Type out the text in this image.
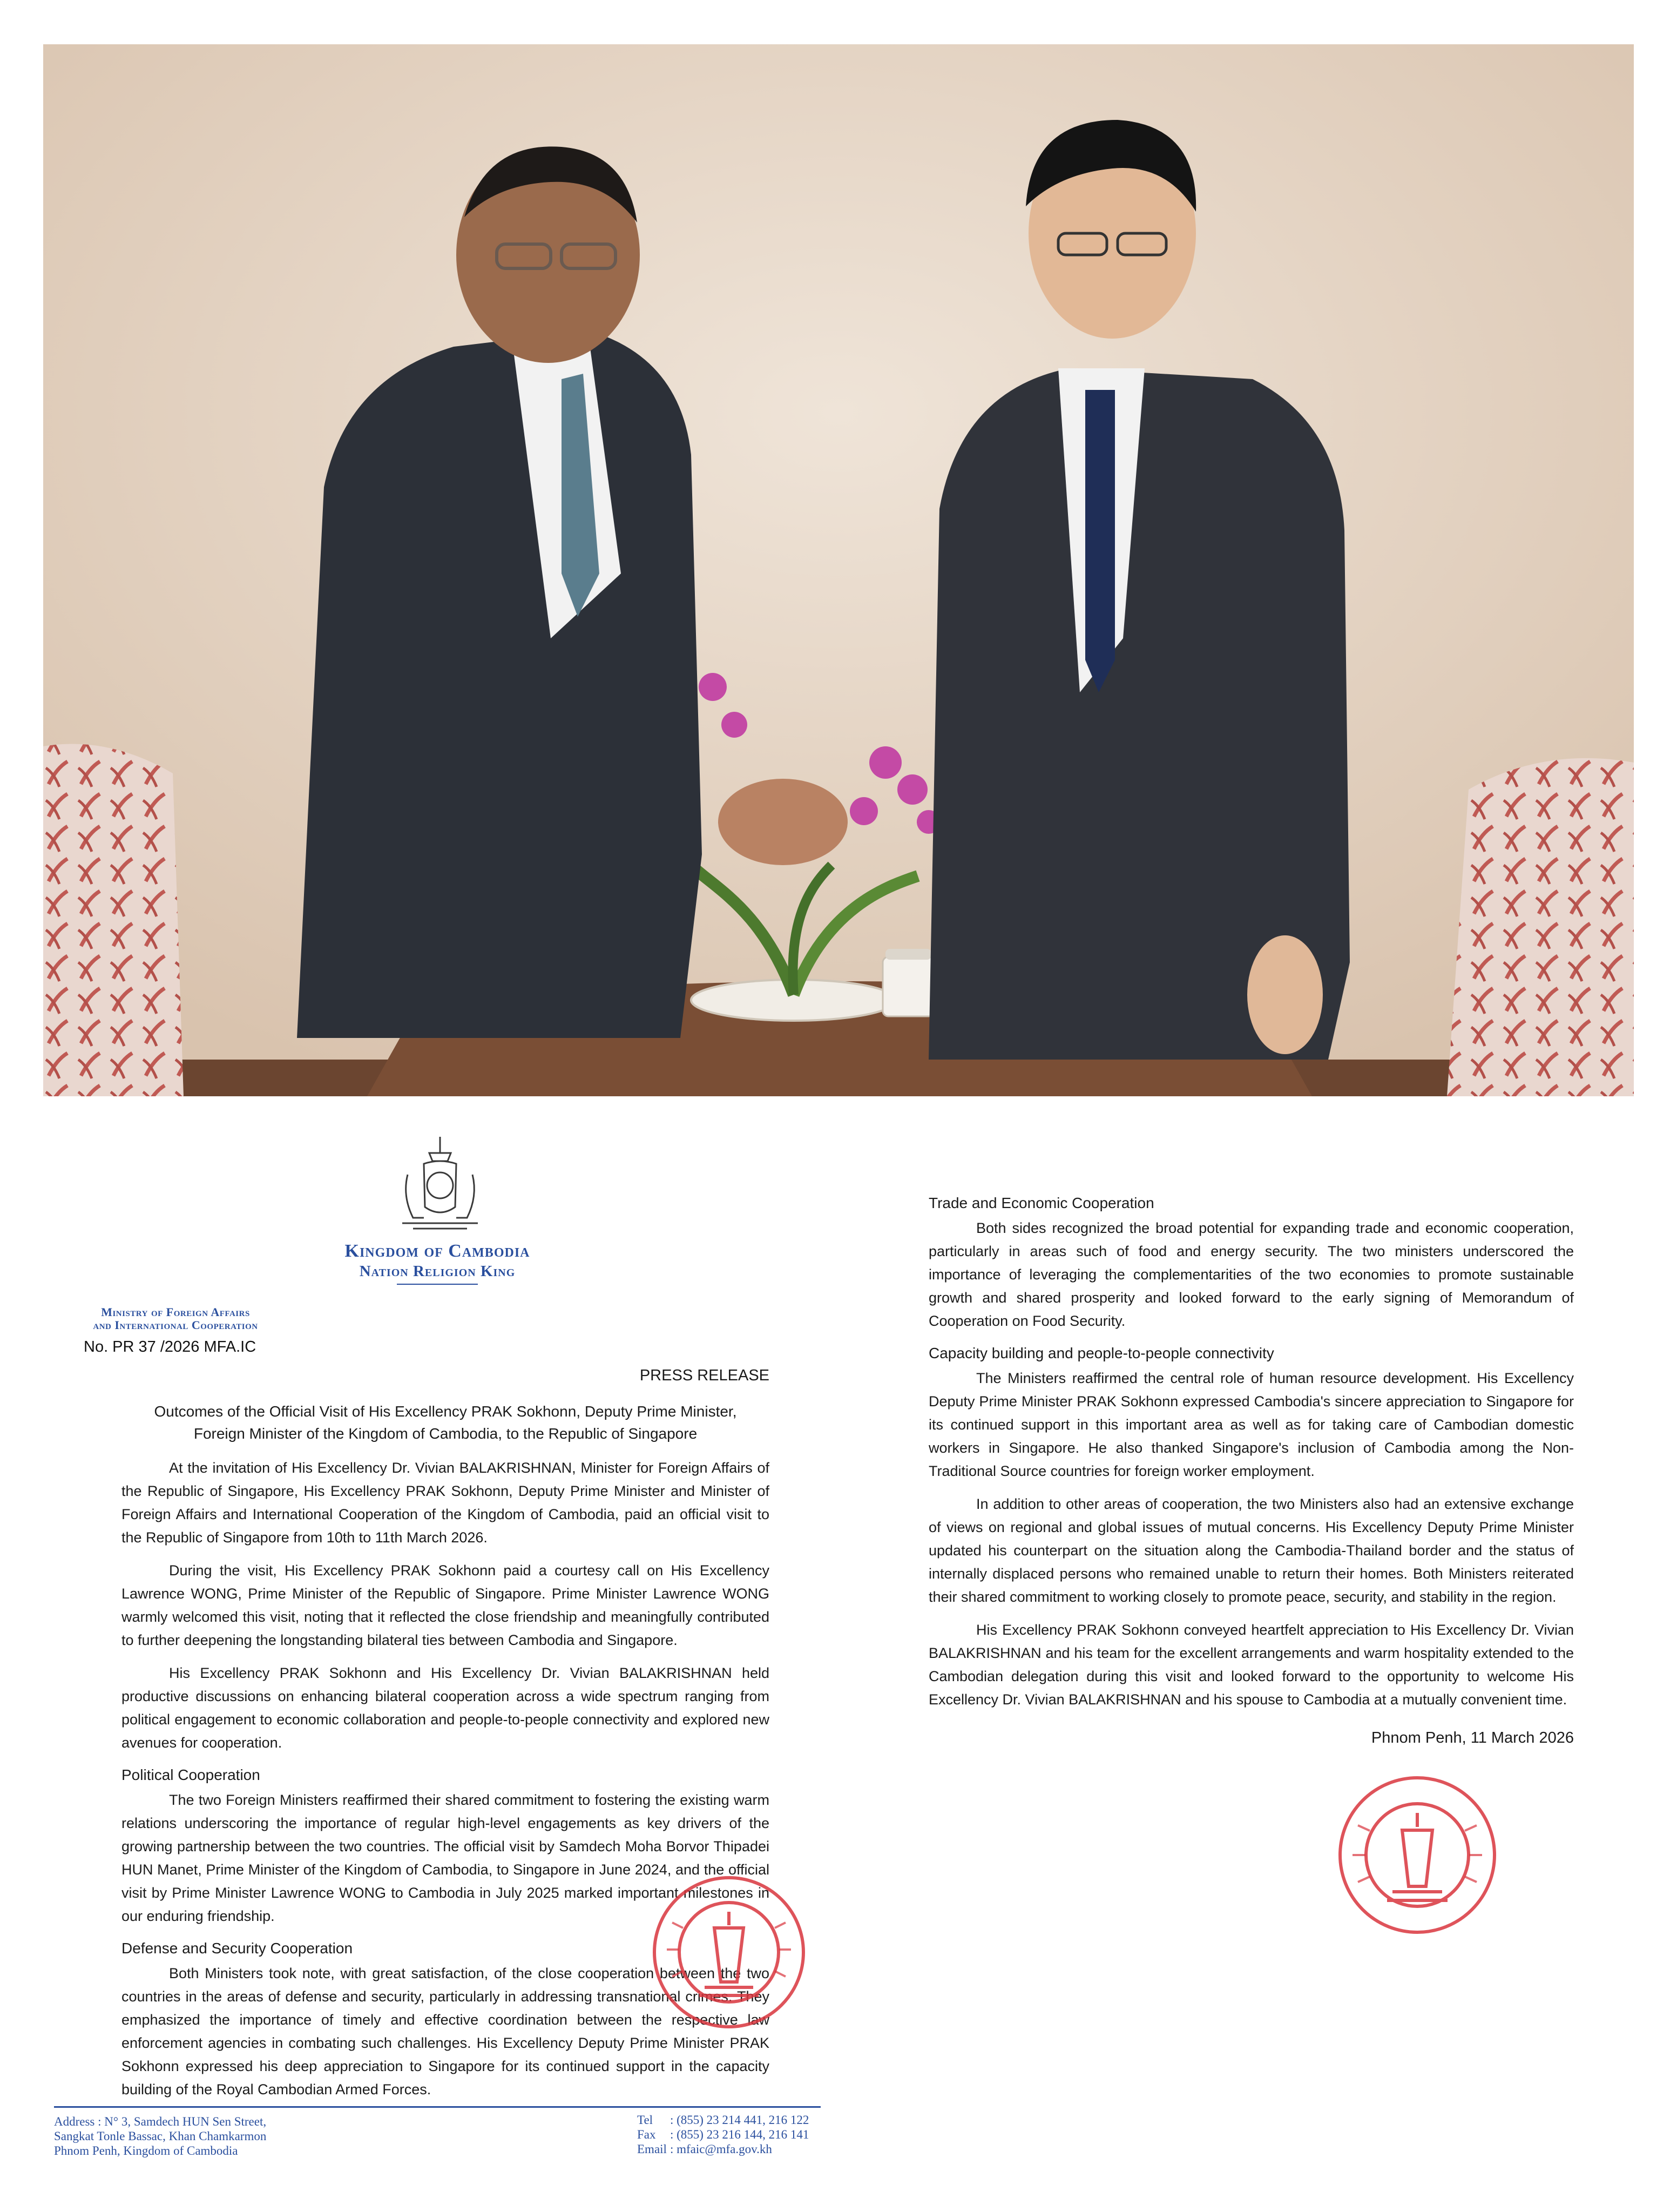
Kingdom of Cambodia
Nation Religion King
Ministry of Foreign Affairs
and International Cooperation
No. PR 37 /2026 MFA.IC
PRESS RELEASE
Outcomes of the Official Visit of His Excellency PRAK Sokhonn, Deputy Prime Minister,
Foreign Minister of the Kingdom of Cambodia, to the Republic of Singapore

At the invitation of His Excellency Dr. Vivian BALAKRISHNAN, Minister for Foreign Affairs of the Republic of Singapore, His Excellency PRAK Sokhonn, Deputy Prime Minister and Minister of Foreign Affairs and International Cooperation of the Kingdom of Cambodia, paid an official visit to the Republic of Singapore from 10th to 11th March 2026.

During the visit, His Excellency PRAK Sokhonn paid a courtesy call on His Excellency Lawrence WONG, Prime Minister of the Republic of Singapore. Prime Minister Lawrence WONG warmly welcomed this visit, noting that it reflected the close friendship and meaningfully contributed to further deepening the longstanding bilateral ties between Cambodia and Singapore.

His Excellency PRAK Sokhonn and His Excellency Dr. Vivian BALAKRISHNAN held productive discussions on enhancing bilateral cooperation across a wide spectrum ranging from political engagement to economic collaboration and people-to-people connectivity and explored new avenues for cooperation.

Political Cooperation

The two Foreign Ministers reaffirmed their shared commitment to fostering the existing warm relations underscoring the importance of regular high-level engagements as key drivers of the growing partnership between the two countries. The official visit by Samdech Moha Borvor Thipadei HUN Manet, Prime Minister of the Kingdom of Cambodia, to Singapore in June 2024, and the official visit by Prime Minister Lawrence WONG to Cambodia in July 2025 marked important milestones in our enduring friendship.

Defense and Security Cooperation

Both Ministers took note, with great satisfaction, of the close cooperation between the two countries in the areas of defense and security, particularly in addressing transnational crimes. They emphasized the importance of timely and effective coordination between the respective law enforcement agencies in combating such challenges. His Excellency Deputy Prime Minister PRAK Sokhonn expressed his deep appreciation to Singapore for its continued support in the capacity building of the Royal Cambodian Armed Forces.

Trade and Economic Cooperation

Both sides recognized the broad potential for expanding trade and economic cooperation, particularly in areas such of food and energy security. The two ministers underscored the importance of leveraging the complementarities of the two economies to promote sustainable growth and shared prosperity and looked forward to the early signing of Memorandum of Cooperation on Food Security.

Capacity building and people-to-people connectivity

The Ministers reaffirmed the central role of human resource development. His Excellency Deputy Prime Minister PRAK Sokhonn expressed Cambodia's sincere appreciation to Singapore for its continued support in this important area as well as for taking care of Cambodian domestic workers in Singapore. He also thanked Singapore's inclusion of Cambodia among the Non-Traditional Source countries for foreign worker employment.

In addition to other areas of cooperation, the two Ministers also had an extensive exchange of views on regional and global issues of mutual concerns. His Excellency Deputy Prime Minister updated his counterpart on the situation along the Cambodia-Thailand border and the status of internally displaced persons who remained unable to return their homes. Both Ministers reiterated their shared commitment to working closely to promote peace, security, and stability in the region.

His Excellency PRAK Sokhonn conveyed heartfelt appreciation to His Excellency Dr. Vivian BALAKRISHNAN and his team for the excellent arrangements and warm hospitality extended to the Cambodian delegation during this visit and looked forward to the opportunity to welcome His Excellency Dr. Vivian BALAKRISHNAN and his spouse to Cambodia at a mutually convenient time.

Phnom Penh, 11 March 2026
Address : N° 3, Samdech HUN Sen Street,
Sangkat Tonle Bassac, Khan Chamkarmon
Phnom Penh, Kingdom of Cambodia
Tel	: (855) 23 214 441, 216 122
Fax	: (855) 23 216 144, 216 141
Email	: mfaic@mfa.gov.kh
